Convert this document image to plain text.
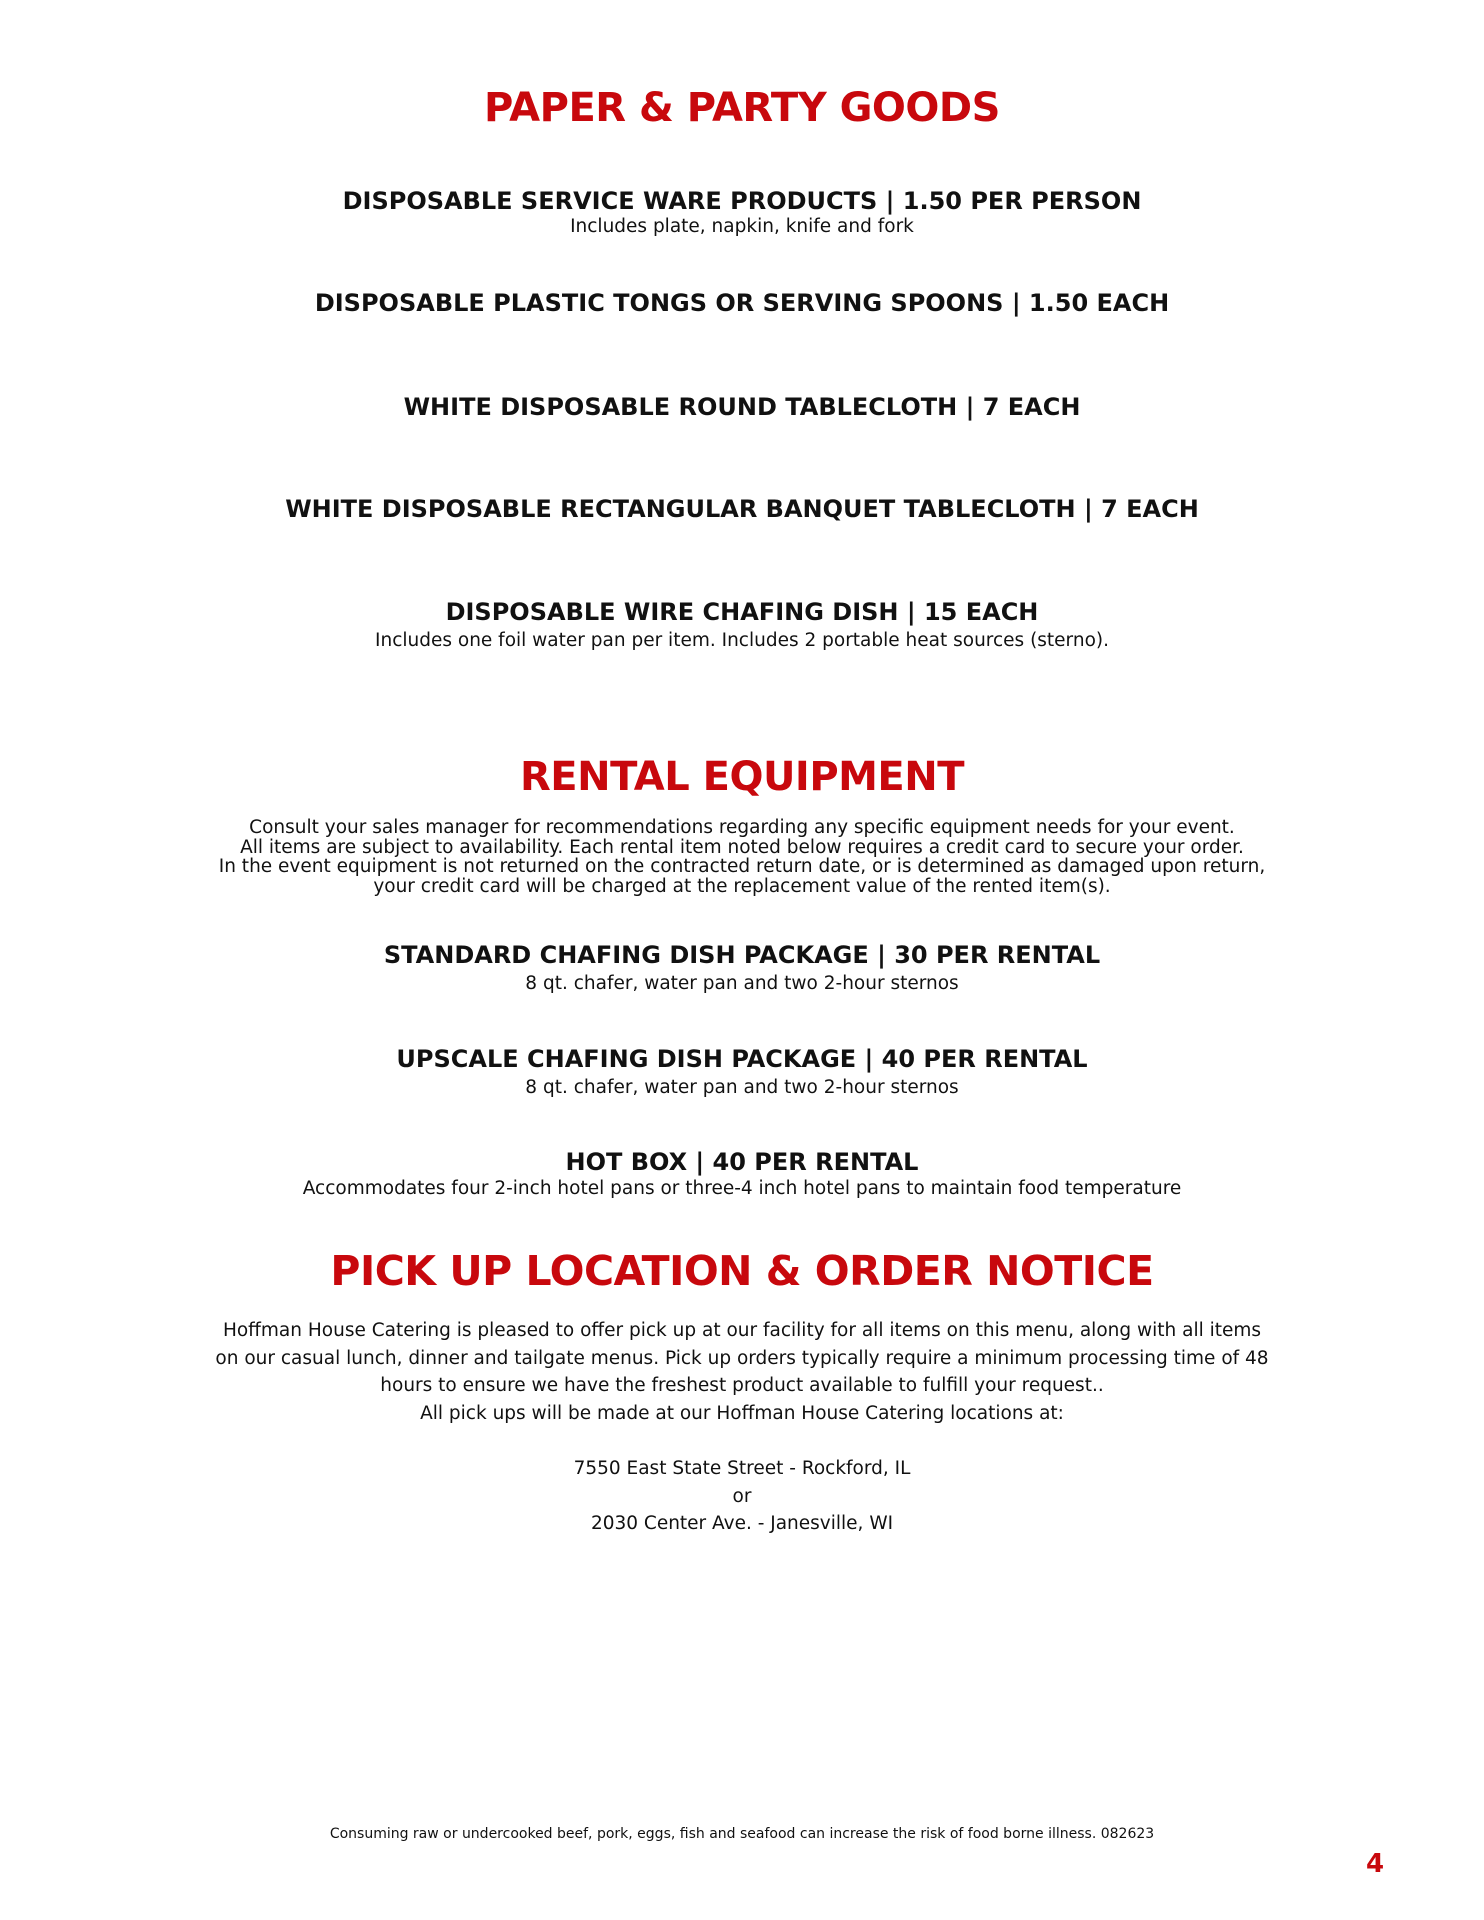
PAPER & PARTY GOODS
DISPOSABLE SERVICE WARE PRODUCTS | 1.50 PER PERSON
Includes plate, napkin, knife and fork
DISPOSABLE PLASTIC TONGS OR SERVING SPOONS | 1.50 EACH
WHITE DISPOSABLE ROUND TABLECLOTH | 7 EACH
WHITE DISPOSABLE RECTANGULAR BANQUET TABLECLOTH | 7 EACH
DISPOSABLE WIRE CHAFING DISH | 15 EACH
Includes one foil water pan per item. Includes 2 portable heat sources (sterno).
RENTAL EQUIPMENT
Consult your sales manager for recommendations regarding any specific equipment needs for your event.
All items are subject to availability. Each rental item noted below requires a credit card to secure your order.
In the event equipment is not returned on the contracted return date, or is determined as damaged upon return,
your credit card will be charged at the replacement value of the rented item(s).
STANDARD CHAFING DISH PACKAGE | 30 PER RENTAL
8 qt. chafer, water pan and two 2-hour sternos
UPSCALE CHAFING DISH PACKAGE | 40 PER RENTAL
8 qt. chafer, water pan and two 2-hour sternos
HOT BOX | 40 PER RENTAL
Accommodates four 2-inch hotel pans or three-4 inch hotel pans to maintain food temperature
PICK UP LOCATION & ORDER NOTICE
Hoffman House Catering is pleased to offer pick up at our facility for all items on this menu, along with all items
on our casual lunch, dinner and tailgate menus. Pick up orders typically require a minimum processing time of 48
hours to ensure we have the freshest product available to fulfill your request..
All pick ups will be made at our Hoffman House Catering locations at:
7550 East State Street - Rockford, IL
or
2030 Center Ave. - Janesville, WI
Consuming raw or undercooked beef, pork, eggs, fish and seafood can increase the risk of food borne illness. 082623
4
